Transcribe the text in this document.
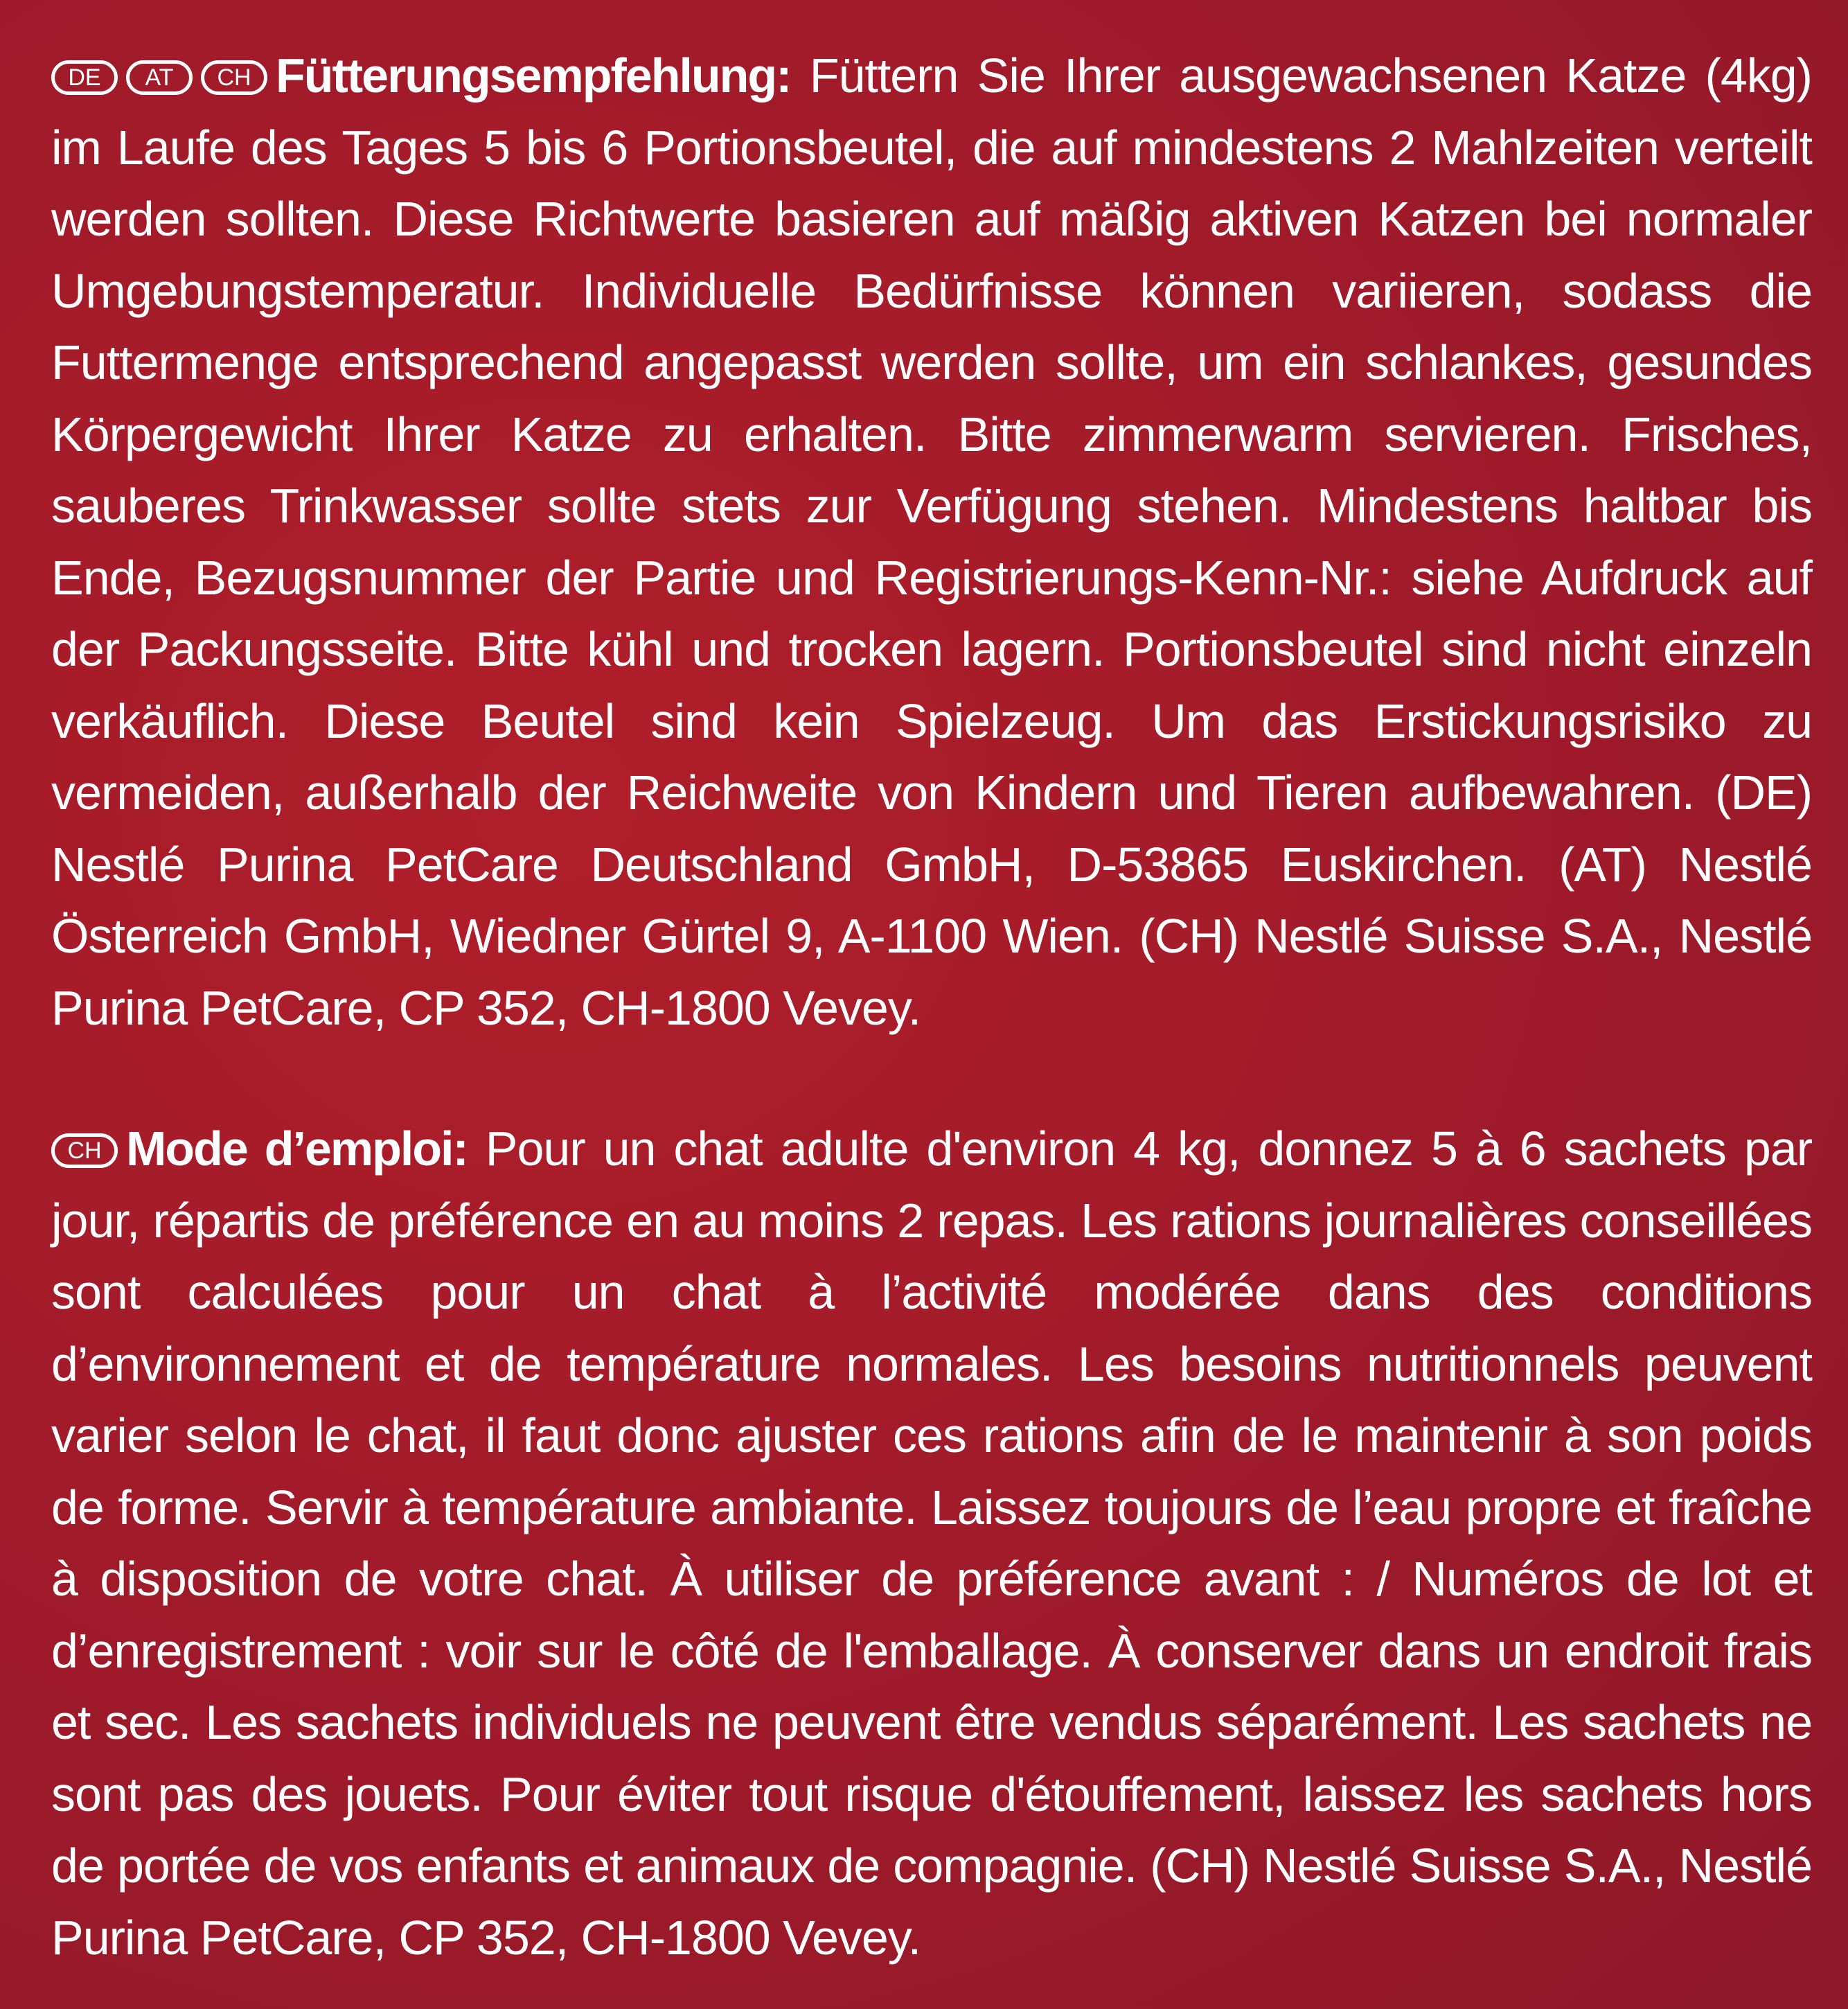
DE AT CH Fütterungsempfehlung: Füttern Sie Ihrer ausgewachsenen Katze (4kg) im Laufe des Tages 5 bis 6 Portionsbeutel, die auf mindestens 2 Mahlzeiten verteilt werden sollten. Diese Richtwerte basieren auf mäßig aktiven Katzen bei normaler Umgebungstemperatur. Individuelle Bedürfnisse können variieren, sodass die Futtermenge entsprechend angepasst werden sollte, um ein schlankes, gesundes Körpergewicht Ihrer Katze zu erhalten. Bitte zimmerwarm servieren. Frisches, sauberes Trinkwasser sollte stets zur Verfügung stehen. Mindestens haltbar bis Ende, Bezugsnummer der Partie und Registrierungs-Kenn-Nr.: siehe Aufdruck auf der Packungsseite. Bitte kühl und trocken lagern. Portionsbeutel sind nicht einzeln verkäuflich. Diese Beutel sind kein Spielzeug. Um das Erstickungsrisiko zu vermeiden, außerhalb der Reichweite von Kindern und Tieren aufbewahren. (DE) Nestlé Purina PetCare Deutschland GmbH, D-53865 Euskirchen. (AT) Nestlé Österreich GmbH, Wiedner Gürtel 9, A-1100 Wien. (CH) Nestlé Suisse S.A., Nestlé Purina PetCare, CP 352, CH-1800 Vevey.

CH Mode d’emploi: Pour un chat adulte d'environ 4 kg, donnez 5 à 6 sachets par jour, répartis de préférence en au moins 2 repas. Les rations journalières conseillées sont calculées pour un chat à l’activité modérée dans des conditions d’environnement et de température normales. Les besoins nutritionnels peuvent varier selon le chat, il faut donc ajuster ces rations afin de le maintenir à son poids de forme. Servir à température ambiante. Laissez toujours de l’eau propre et fraîche à disposition de votre chat. À utiliser de préférence avant : / Numéros de lot et d’enregistrement : voir sur le côté de l'emballage. À conserver dans un endroit frais et sec. Les sachets individuels ne peuvent être vendus séparément. Les sachets ne sont pas des jouets. Pour éviter tout risque d'étouffement, laissez les sachets hors de portée de vos enfants et animaux de compagnie. (CH) Nestlé Suisse S.A., Nestlé Purina PetCare, CP 352, CH-1800 Vevey.
